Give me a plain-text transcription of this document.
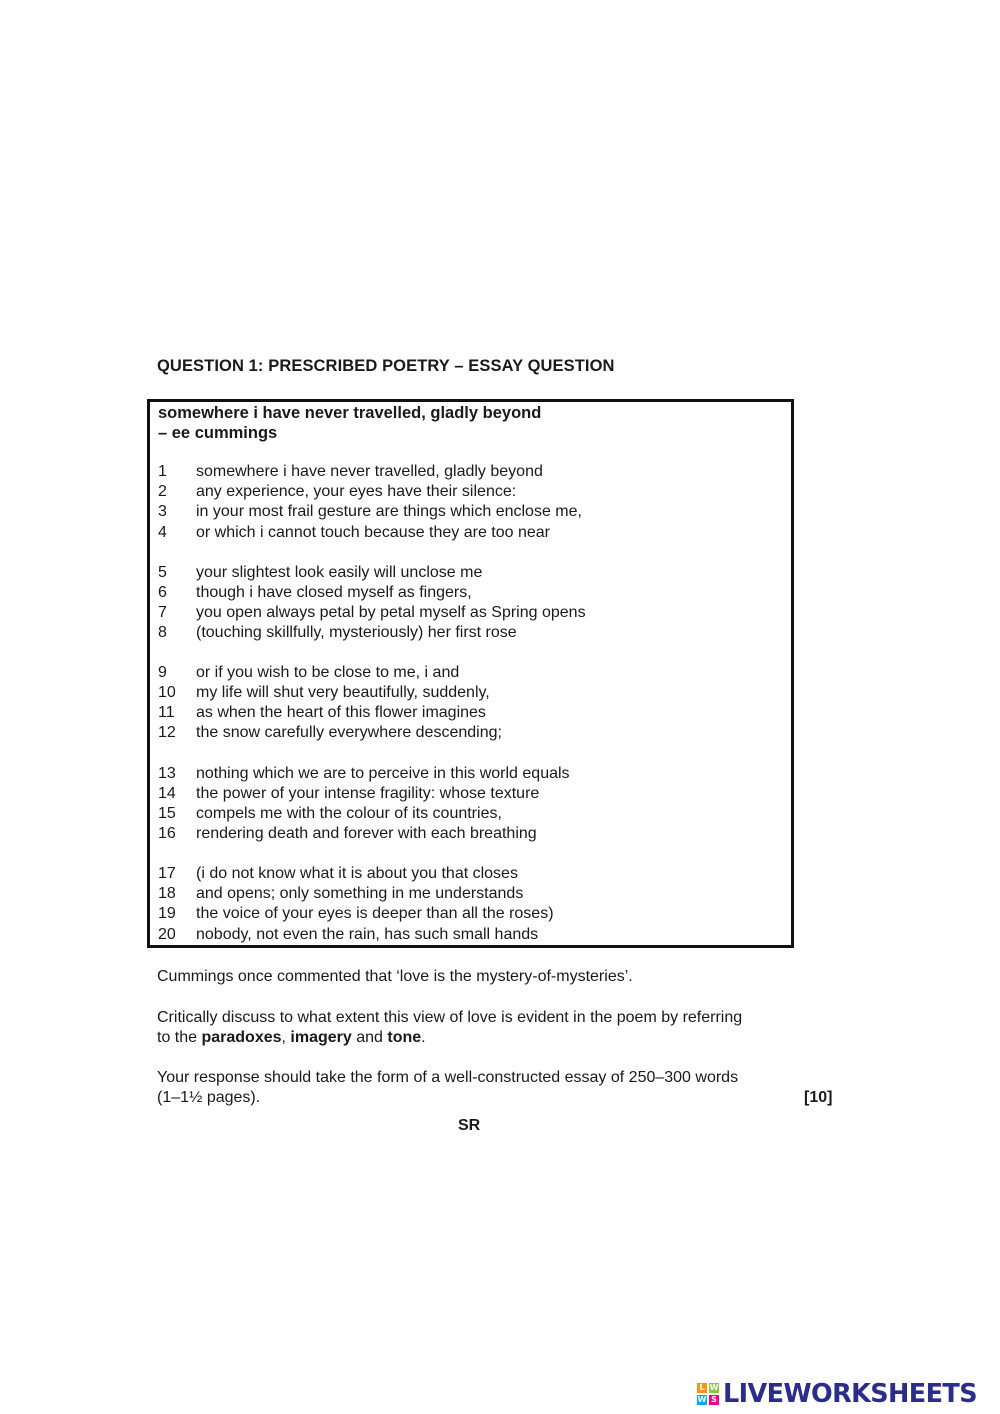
QUESTION 1: PRESCRIBED POETRY – ESSAY QUESTION
somewhere i have never travelled, gladly beyond
– ee cummings
1 somewhere i have never travelled, gladly beyond
2 any experience, your eyes have their silence:
3 in your most frail gesture are things which enclose me,
4 or which i cannot touch because they are too near
5 your slightest look easily will unclose me
6 though i have closed myself as fingers,
7 you open always petal by petal myself as Spring opens
8 (touching skillfully, mysteriously) her first rose
9 or if you wish to be close to me, i and
10 my life will shut very beautifully, suddenly,
11 as when the heart of this flower imagines
12 the snow carefully everywhere descending;
13 nothing which we are to perceive in this world equals
14 the power of your intense fragility: whose texture
15 compels me with the colour of its countries,
16 rendering death and forever with each breathing
17 (i do not know what it is about you that closes
18 and opens; only something in me understands
19 the voice of your eyes is deeper than all the roses)
20 nobody, not even the rain, has such small hands

Cummings once commented that ‘love is the mystery-of-mysteries’.

Critically discuss to what extent this view of love is evident in the poem by referring

to the paradoxes, imagery and tone.

Your response should take the form of a well-constructed essay of 250–300 words

(1–1½ pages).	[10]
SR
L W
W S LIVEWORKSHEETS
